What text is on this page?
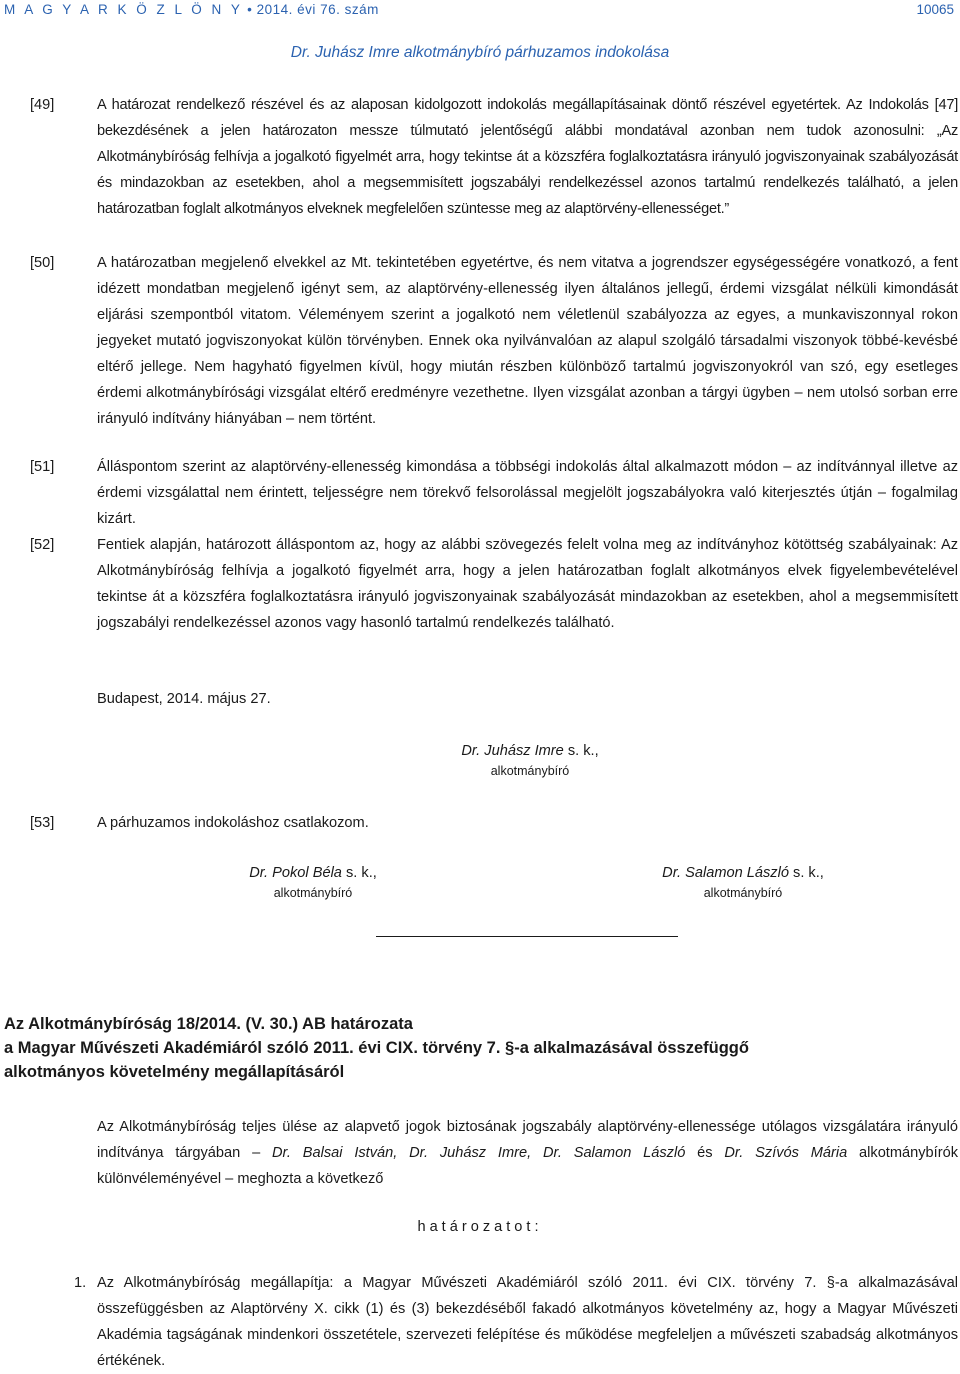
M A G Y A R K Ö Z L Ö N Y • 2014. évi 76. szám	10065
Dr. Juhász Imre alkotmánybíró párhuzamos indokolása
[49]	A határozat rendelkező részével és az alaposan kidolgozott indokolás megállapításainak döntő részével egyetértek. Az Indokolás [47] bekezdésének a jelen határozaton messze túlmutató jelentőségű alábbi mondatával azonban nem tudok azonosulni: „Az Alkotmánybíróság felhívja a jogalkotó figyelmét arra, hogy tekintse át a közszféra foglalkoztatásra irányuló jogviszonyainak szabályozását és mindazokban az esetekben, ahol a megsemmisített jogszabályi rendelkezéssel azonos tartalmú rendelkezés található, a jelen határozatban foglalt alkotmányos elveknek megfelelően szüntesse meg az alaptörvény-ellenességet.”
[50]	A határozatban megjelenő elvekkel az Mt. tekintetében egyetértve, és nem vitatva a jogrendszer egységességére vonatkozó, a fent idézett mondatban megjelenő igényt sem, az alaptörvény-ellenesség ilyen általános jellegű, érdemi vizsgálat nélküli kimondását eljárási szempontból vitatom. Véleményem szerint a jogalkotó nem véletlenül szabályozza az egyes, a munkaviszonnyal rokon jegyeket mutató jogviszonyokat külön törvényben. Ennek oka nyilvánvalóan az alapul szolgáló társadalmi viszonyok többé-kevésbé eltérő jellege. Nem hagyható figyelmen kívül, hogy miután részben különböző tartalmú jogviszonyokról van szó, egy esetleges érdemi alkotmánybírósági vizsgálat eltérő eredményre vezethetne. Ilyen vizsgálat azonban a tárgyi ügyben – nem utolsó sorban erre irányuló indítvány hiányában – nem történt.
[51]	Álláspontom szerint az alaptörvény-ellenesség kimondása a többségi indokolás által alkalmazott módon – az indítvánnyal illetve az érdemi vizsgálattal nem érintett, teljességre nem törekvő felsorolással megjelölt jogszabályokra való kiterjesztés útján – fogalmilag kizárt.
[52]	Fentiek alapján, határozott álláspontom az, hogy az alábbi szövegezés felelt volna meg az indítványhoz kötöttség szabályainak: Az Alkotmánybíróság felhívja a jogalkotó figyelmét arra, hogy a jelen határozatban foglalt alkotmányos elvek figyelembevételével tekintse át a közszféra foglalkoztatásra irányuló jogviszonyainak szabályozását mindazokban az esetekben, ahol a megsemmisített jogszabályi rendelkezéssel azonos vagy hasonló tartalmú rendelkezés található.
Budapest, 2014. május 27.
Dr. Juhász Imre s. k.,
alkotmánybíró
[53]	A párhuzamos indokoláshoz csatlakozom.
Dr. Pokol Béla s. k.,
alkotmánybíró
Dr. Salamon László s. k.,
alkotmánybíró
Az Alkotmánybíróság 18/2014. (V. 30.) AB határozata
a Magyar Művészeti Akadémiáról szóló 2011. évi CIX. törvény 7. §-a alkalmazásával összefüggő
alkotmányos követelmény megállapításáról
Az Alkotmánybíróság teljes ülése az alapvető jogok biztosának jogszabály alaptörvény-ellenessége utólagos vizsgálatára irányuló indítványa tárgyában – Dr. Balsai István, Dr. Juhász Imre, Dr. Salamon László és Dr. Szívós Mária alkotmánybírók különvéleményével – meghozta a következő
határozatot:
1. Az Alkotmánybíróság megállapítja: a Magyar Művészeti Akadémiáról szóló 2011. évi CIX. törvény 7. §-a alkalmazásával összefüggésben az Alaptörvény X. cikk (1) és (3) bekezdéséből fakadó alkotmányos követelmény az, hogy a Magyar Művészeti Akadémia tagságának mindenkori összetétele, szervezeti felépítése és működése megfeleljen a művészeti szabadság alkotmányos értékének.
